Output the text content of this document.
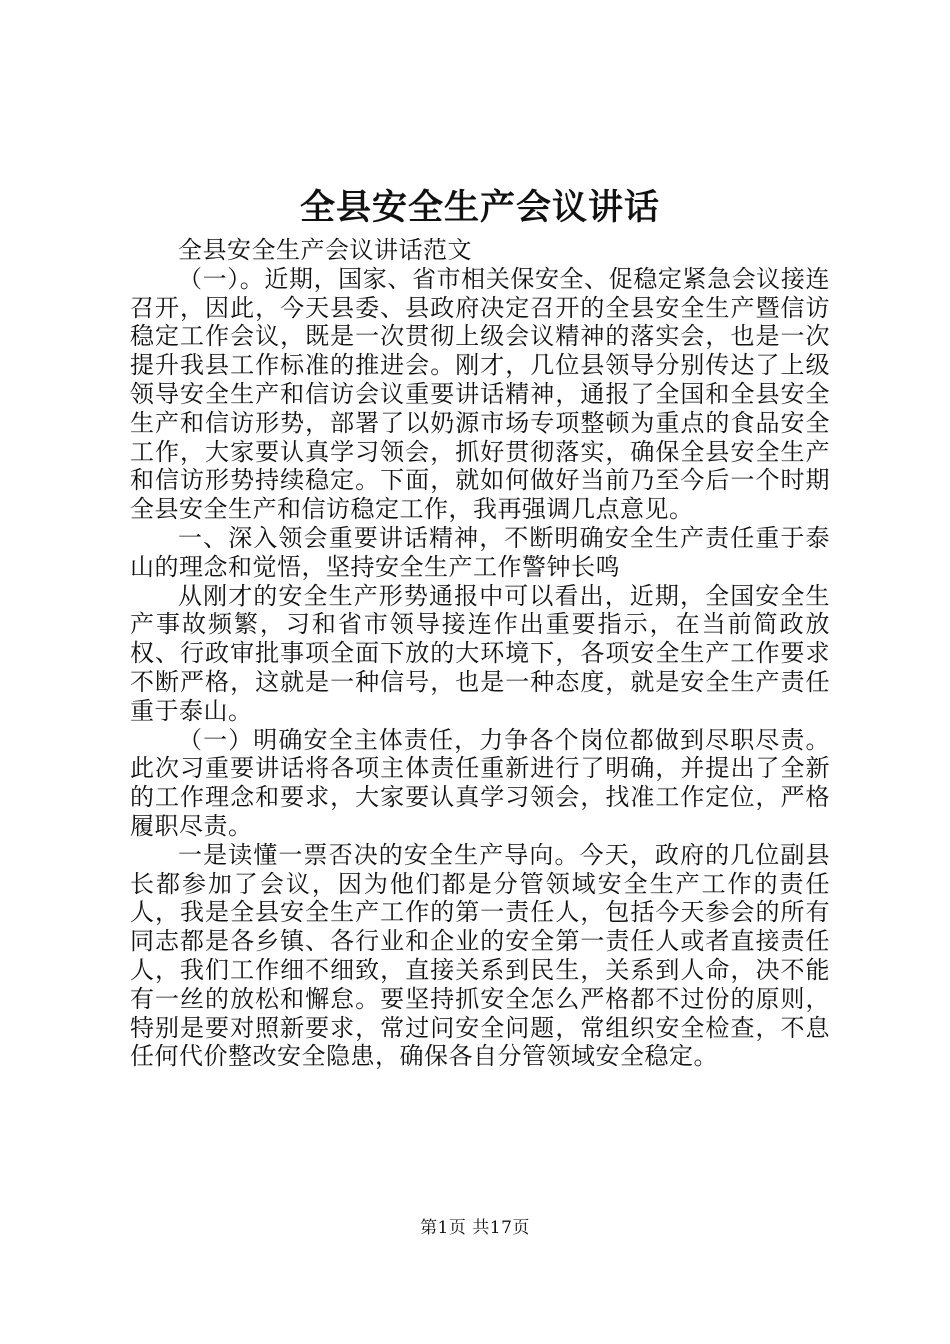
全县安全生产会议讲话

全县安全生产会议讲话范文

（一）。近期，国家、省市相关保安全、促稳定紧急会议接连召开，因此，今天县委、县政府决定召开的全县安全生产暨信访稳定工作会议，既是一次贯彻上级会议精神的落实会，也是一次提升我县工作标准的推进会。刚才，几位县领导分别传达了上级领导安全生产和信访会议重要讲话精神，通报了全国和全县安全生产和信访形势，部署了以奶源市场专项整顿为重点的食品安全工作，大家要认真学习领会，抓好贯彻落实，确保全县安全生产和信访形势持续稳定。下面，就如何做好当前乃至今后一个时期全县安全生产和信访稳定工作，我再强调几点意见。

一、深入领会重要讲话精神，不断明确安全生产责任重于泰山的理念和觉悟，坚持安全生产工作警钟长鸣

从刚才的安全生产形势通报中可以看出，近期，全国安全生产事故频繁，习和省市领导接连作出重要指示，在当前简政放权、行政审批事项全面下放的大环境下，各项安全生产工作要求不断严格，这就是一种信号，也是一种态度，就是安全生产责任重于泰山。

（一）明确安全主体责任，力争各个岗位都做到尽职尽责。此次习重要讲话将各项主体责任重新进行了明确，并提出了全新的工作理念和要求，大家要认真学习领会，找准工作定位，严格履职尽责。

一是读懂一票否决的安全生产导向。今天，政府的几位副县长都参加了会议，因为他们都是分管领域安全生产工作的责任人，我是全县安全生产工作的第一责任人，包括今天参会的所有同志都是各乡镇、各行业和企业的安全第一责任人或者直接责任人，我们工作细不细致，直接关系到民生，关系到人命，决不能有一丝的放松和懈怠。要坚持抓安全怎么严格都不过份的原则，特别是要对照新要求，常过问安全问题，常组织安全检查，不息任何代价整改安全隐患，确保各自分管领域安全稳定。

第1页 共17页
